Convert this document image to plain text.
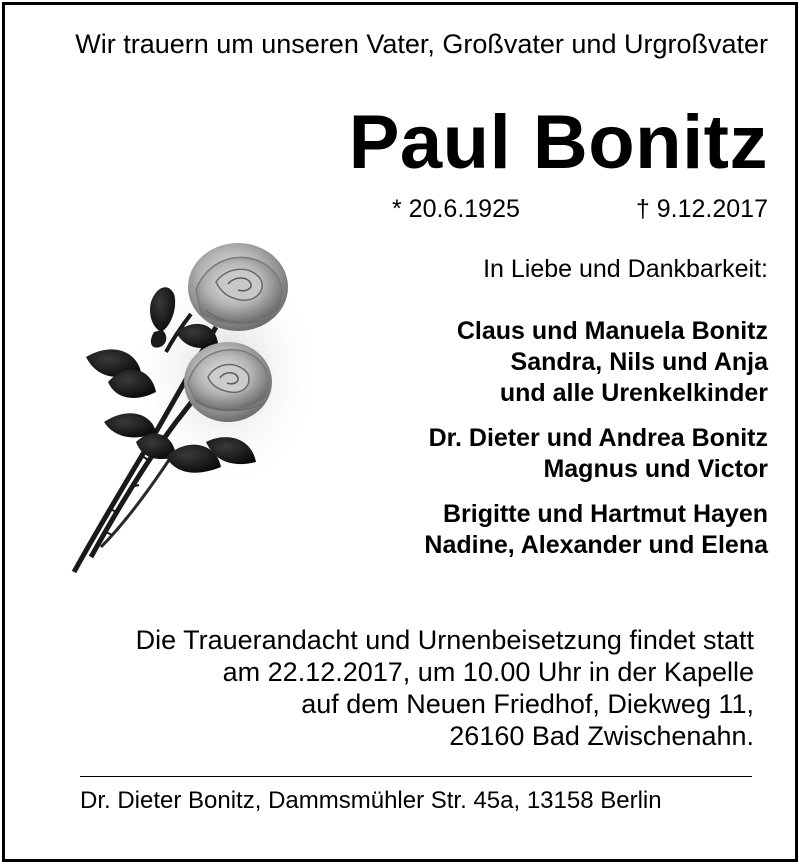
Wir trauern um unseren Vater, Großvater und Urgroßvater
Paul Bonitz
* 20.6.1925	† 9.12.2017
In Liebe und Dankbarkeit:
Claus und Manuela Bonitz
Sandra, Nils und Anja
und alle Urenkelkinder
Dr. Dieter und Andrea Bonitz
Magnus und Victor
Brigitte und Hartmut Hayen
Nadine, Alexander und Elena
Die Trauerandacht und Urnenbeisetzung findet statt
am 22.12.2017, um 10.00 Uhr in der Kapelle
auf dem Neuen Friedhof, Diekweg 11,
26160 Bad Zwischenahn.
Dr. Dieter Bonitz, Dammsmühler Str. 45a, 13158 Berlin
